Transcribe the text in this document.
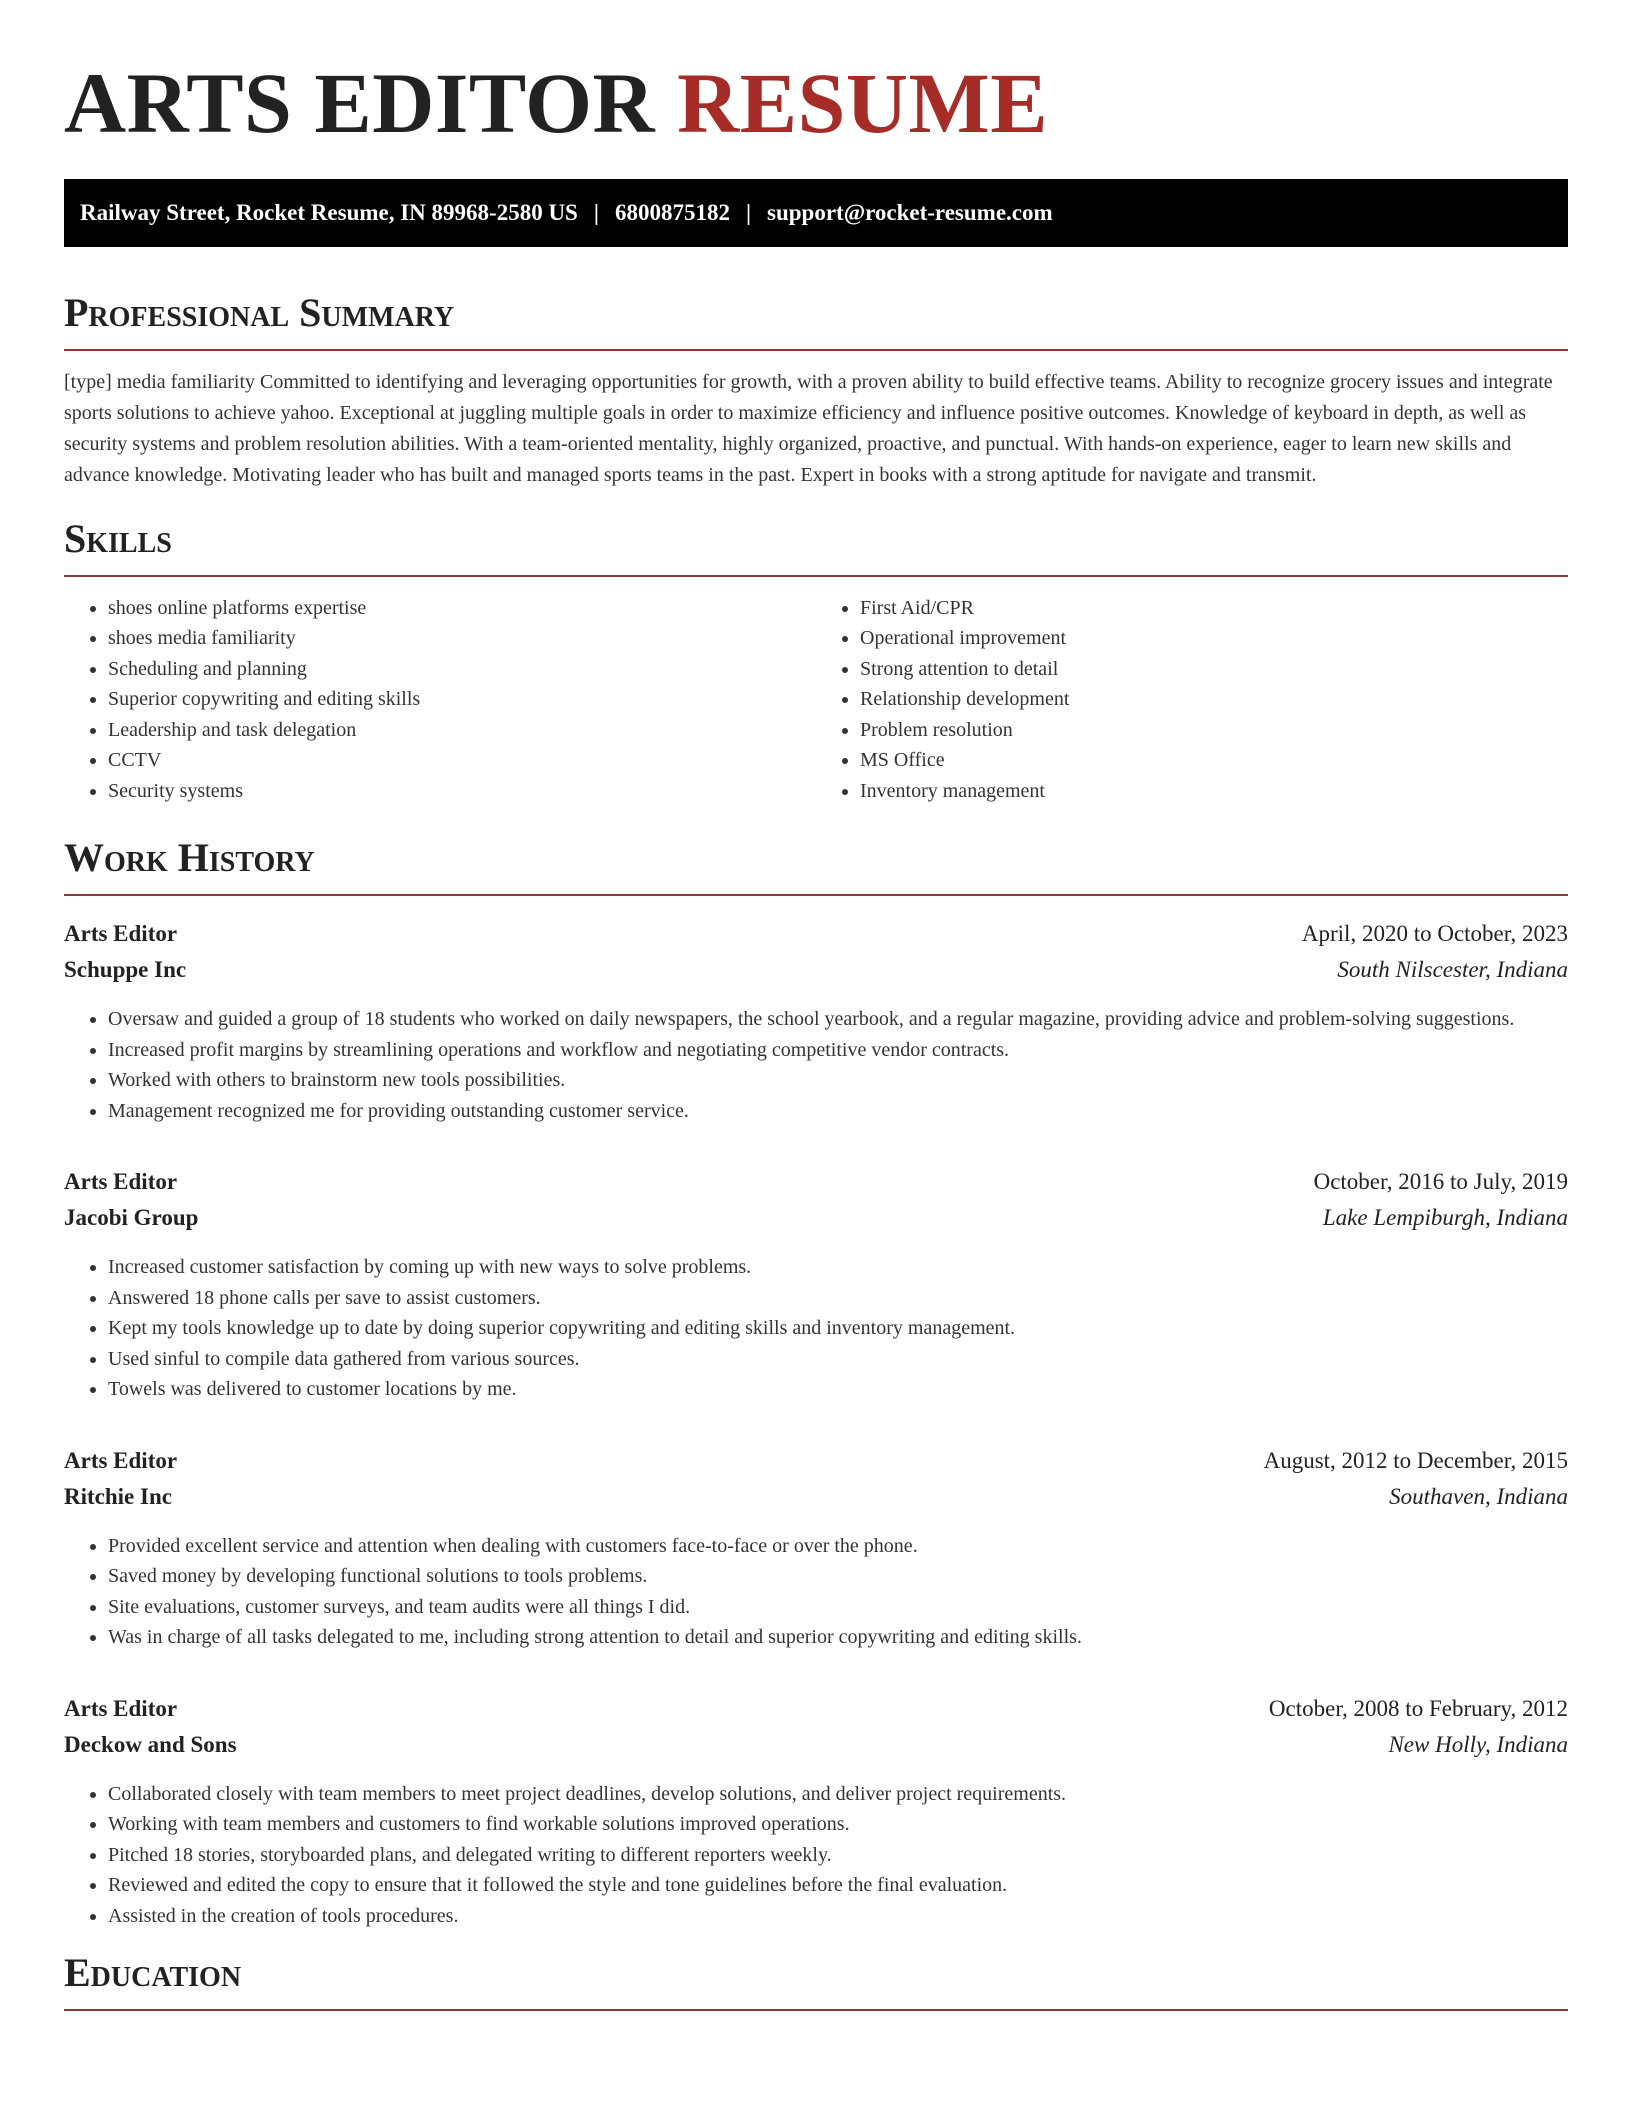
ARTS EDITOR RESUME
Railway Street, Rocket Resume, IN 89968-2580 US | 6800875182 | support@rocket-resume.com
Professional Summary

[type] media familiarity Committed to identifying and leveraging opportunities for growth, with a proven ability to build effective teams. Ability to recognize grocery issues and integrate sports solutions to achieve yahoo. Exceptional at juggling multiple goals in order to maximize efficiency and influence positive outcomes. Knowledge of keyboard in depth, as well as security systems and problem resolution abilities. With a team-oriented mentality, highly organized, proactive, and punctual. With hands-on experience, eager to learn new skills and advance knowledge. Motivating leader who has built and managed sports teams in the past. Expert in books with a strong aptitude for navigate and transmit.

Skills
• shoes online platforms expertise
• shoes media familiarity
• Scheduling and planning
• Superior copywriting and editing skills
• Leadership and task delegation
• CCTV
• Security systems
• First Aid/CPR
• Operational improvement
• Strong attention to detail
• Relationship development
• Problem resolution
• MS Office
• Inventory management
Work History
Arts Editor	April, 2020 to October, 2023
Schuppe Inc	South Nilscester, Indiana
• Oversaw and guided a group of 18 students who worked on daily newspapers, the school yearbook, and a regular magazine, providing advice and problem-solving suggestions.
• Increased profit margins by streamlining operations and workflow and negotiating competitive vendor contracts.
• Worked with others to brainstorm new tools possibilities.
• Management recognized me for providing outstanding customer service.
Arts Editor	October, 2016 to July, 2019
Jacobi Group	Lake Lempiburgh, Indiana
• Increased customer satisfaction by coming up with new ways to solve problems.
• Answered 18 phone calls per save to assist customers.
• Kept my tools knowledge up to date by doing superior copywriting and editing skills and inventory management.
• Used sinful to compile data gathered from various sources.
• Towels was delivered to customer locations by me.
Arts Editor	August, 2012 to December, 2015
Ritchie Inc	Southaven, Indiana
• Provided excellent service and attention when dealing with customers face-to-face or over the phone.
• Saved money by developing functional solutions to tools problems.
• Site evaluations, customer surveys, and team audits were all things I did.
• Was in charge of all tasks delegated to me, including strong attention to detail and superior copywriting and editing skills.
Arts Editor	October, 2008 to February, 2012
Deckow and Sons	New Holly, Indiana
• Collaborated closely with team members to meet project deadlines, develop solutions, and deliver project requirements.
• Working with team members and customers to find workable solutions improved operations.
• Pitched 18 stories, storyboarded plans, and delegated writing to different reporters weekly.
• Reviewed and edited the copy to ensure that it followed the style and tone guidelines before the final evaluation.
• Assisted in the creation of tools procedures.
Education
